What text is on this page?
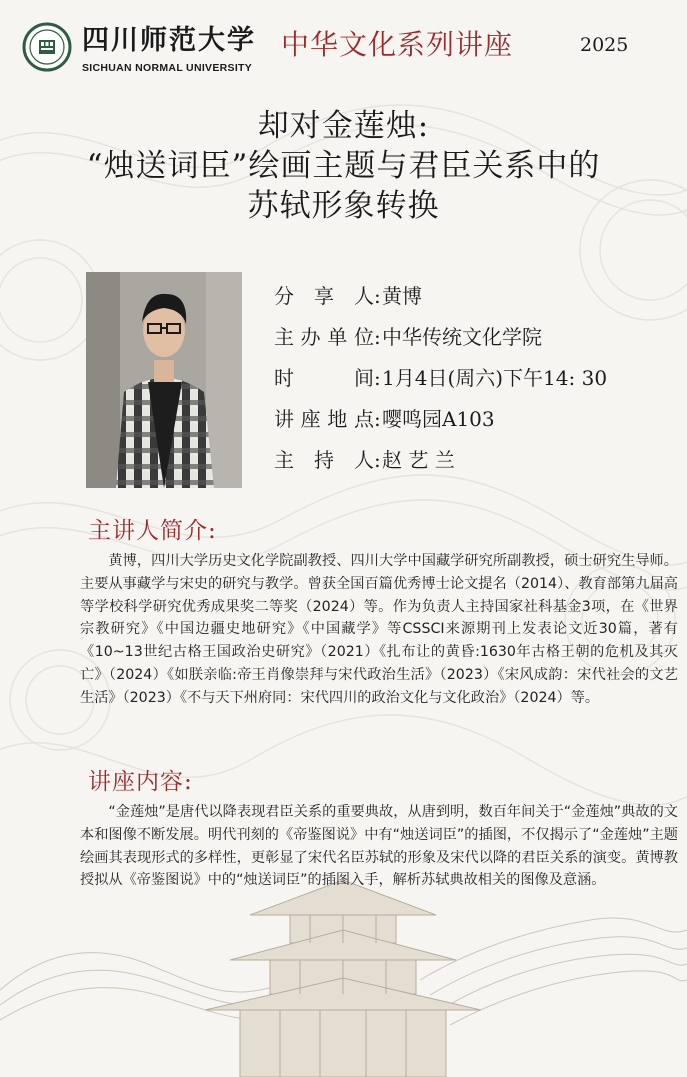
四川师范大学
SICHUAN NORMAL UNIVERSITY
中华文化系列讲座	2025
却对金莲烛:
“烛送词臣”绘画主题与君臣关系中的
苏轼形象转换
分享人 : 黄博
主办单位 : 中华传统文化学院
时间 : 1月4日(周六)下午14: 30
讲座地点 : 嘤鸣园A103
主持人 : 赵 艺 兰
主讲人简介:
黄博，四川大学历史文化学院副教授、四川大学中国藏学研究所副教授，硕士研究生导师。主要从事藏学与宋史的研究与教学。曾获全国百篇优秀博士论文提名（2014）、教育部第九届高等学校科学研究优秀成果奖二等奖（2024）等。作为负责人主持国家社科基金3项，在《世界宗教研究》《中国边疆史地研究》《中国藏学》等CSSCI来源期刊上发表论文近30篇，著有《10~13世纪古格王国政治史研究》（2021）《扎布让的黄昏:1630年古格王朝的危机及其灭亡》（2024）《如朕亲临:帝王肖像崇拜与宋代政治生活》（2023）《宋风成韵：宋代社会的文艺生活》（2023）《不与天下州府同：宋代四川的政治文化与文化政治》（2024）等。
讲座内容:
“金莲烛”是唐代以降表现君臣关系的重要典故，从唐到明，数百年间关于“金莲烛”典故的文本和图像不断发展。明代刊刻的《帝鉴图说》中有“烛送词臣”的插图，不仅揭示了“金莲烛”主题绘画其表现形式的多样性，更彰显了宋代名臣苏轼的形象及宋代以降的君臣关系的演变。黄博教授拟从《帝鉴图说》中的“烛送词臣”的插图入手，解析苏轼典故相关的图像及意涵。
